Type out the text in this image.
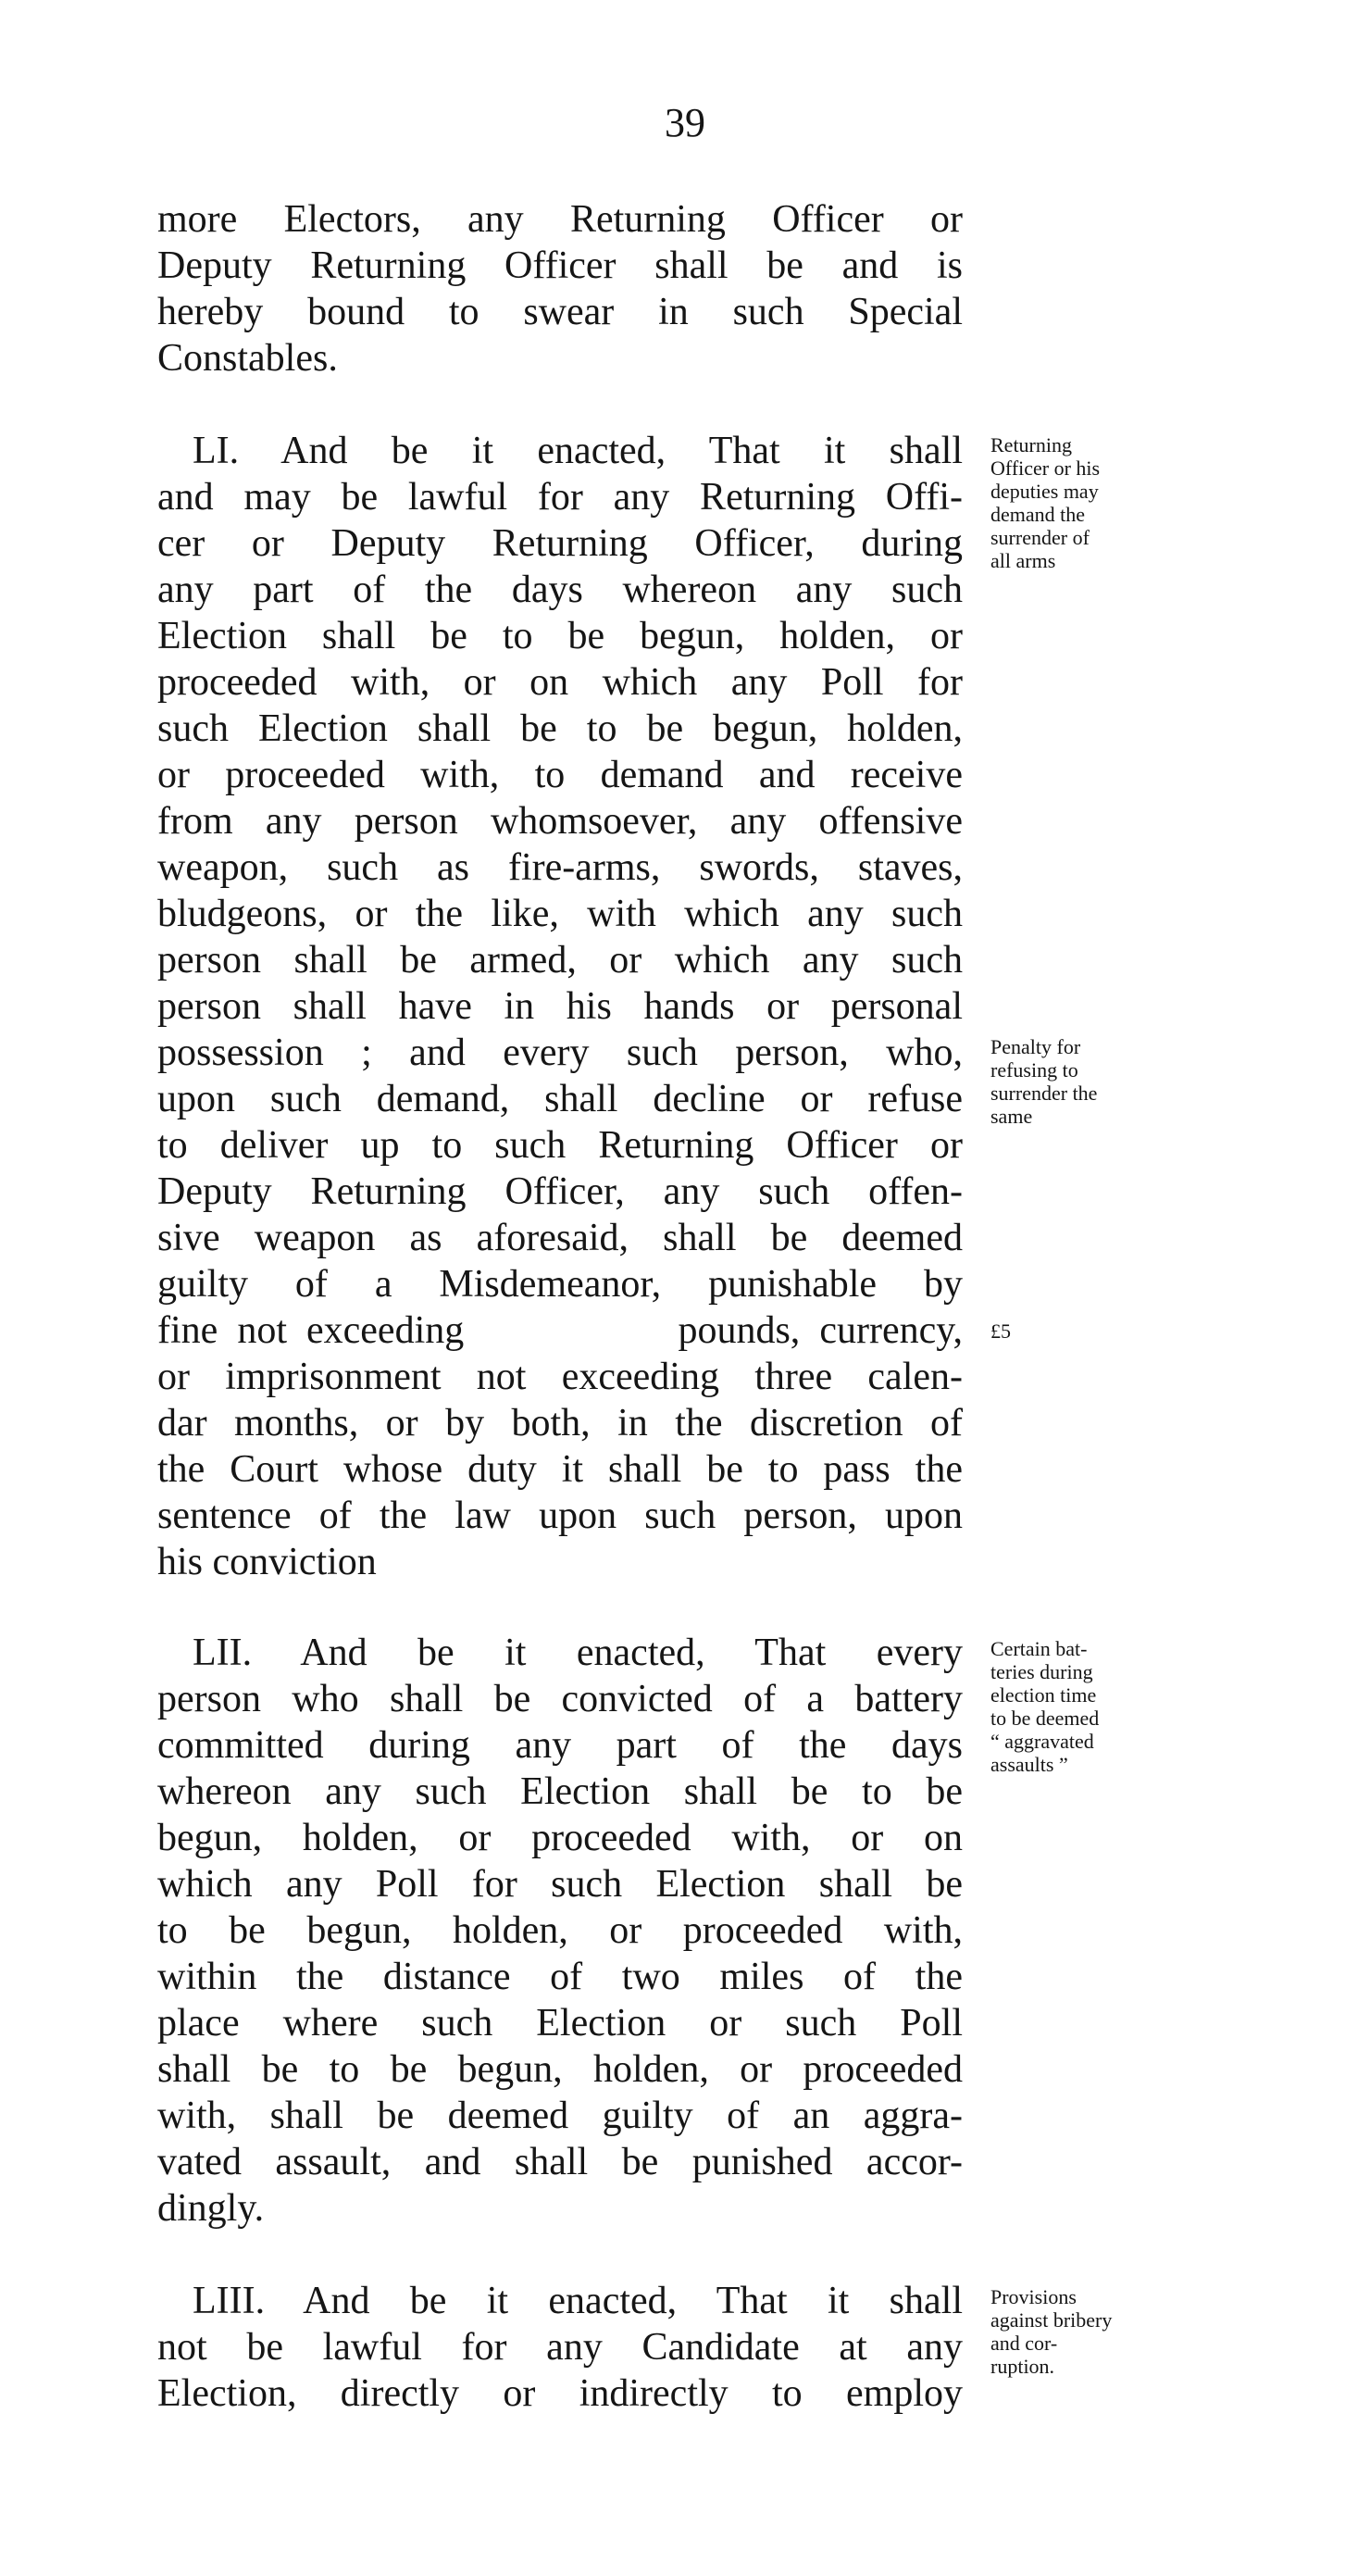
39
more Electors, any Returning Officer or
Deputy Returning Officer shall be and is
hereby bound to swear in such Special
Constables.
LI. And be it enacted, That it shall
and may be lawful for any Returning Offi-
cer or Deputy Returning Officer, during
any part of the days whereon any such
Election shall be to be begun, holden, or
proceeded with, or on which any Poll for
such Election shall be to be begun, holden,
or proceeded with, to demand and receive
from any person whomsoever, any offensive
weapon, such as fire-arms, swords, staves,
bludgeons, or the like, with which any such
person shall be armed, or which any such
person shall have in his hands or personal
possession ; and every such person, who,
upon such demand, shall decline or refuse
to deliver up to such Returning Officer or
Deputy Returning Officer, any such offen-
sive weapon as aforesaid, shall be deemed
guilty of a Misdemeanor, punishable by
fine not exceeding           pounds, currency,
or imprisonment not exceeding three calen-
dar months, or by both, in the discretion of
the Court whose duty it shall be to pass the
sentence of the law upon such person, upon
his conviction
LII. And be it enacted, That every
person who shall be convicted of a battery
committed during any part of the days
whereon any such Election shall be to be
begun, holden, or proceeded with, or on
which any Poll for such Election shall be
to be begun, holden, or proceeded with,
within the distance of two miles of the
place where such Election or such Poll
shall be to be begun, holden, or proceeded
with, shall be deemed guilty of an aggra-
vated assault, and shall be punished accor-
dingly.
LIII. And be it enacted, That it shall
not be lawful for any Candidate at any
Election, directly or indirectly to employ
Returning
Officer or his
deputies may
demand the
surrender of
all arms
Penalty for
refusing to
surrender the
same
£5
Certain bat-
teries during
election time
to be deemed
“ aggravated
assaults ”
Provisions
against bribery
and cor-
ruption.
